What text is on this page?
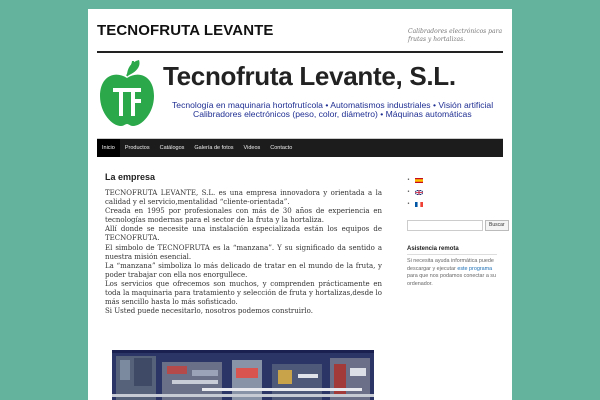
TECNOFRUTA LEVANTE	Calibradores electrónicos para frutas y hortalizas.
Tecnofruta Levante, S.L.
Tecnología en maquinaria hortofrutícola • Automatismos industriales • Visión artificial
Calibradores electrónicos (peso, color, diámetro) • Máquinas automáticas
Inicio	Productos	Catálogos	Galería de fotos	Videos	Contacto
La empresa

TECNOFRUTA LEVANTE, S.L. es una empresa innovadora y orientada a la calidad y el servicio,mentalidad “cliente-orientada”.

Creada en 1995 por profesionales con más de 30 años de experiencia en tecnologías modernas para el sector de la fruta y la hortaliza.

Allí donde se necesite una instalación especializada están los equipos de TECNOFRUTA.

El simbolo de TECNOFRUTA es la “manzana”. Y su significado da sentido a nuestra misión esencial.

La “manzana” simboliza lo más delicado de tratar en el mundo de la fruta, y poder trabajar con ella nos enorgullece.

Los servicios que ofrecemos son muchos, y comprenden prácticamente en toda la maquinaria para tratamiento y selección de fruta y hortalizas,desde lo más sencillo hasta lo más sofisticado.

Si Usted puede necesitarlo, nosotros podemos construirlo.

•
•
•
Buscar
Asistencia remota
Si necesita ayuda informática puede descargar y ejecutar este programa para que nos podamos conectar a su ordenador.
